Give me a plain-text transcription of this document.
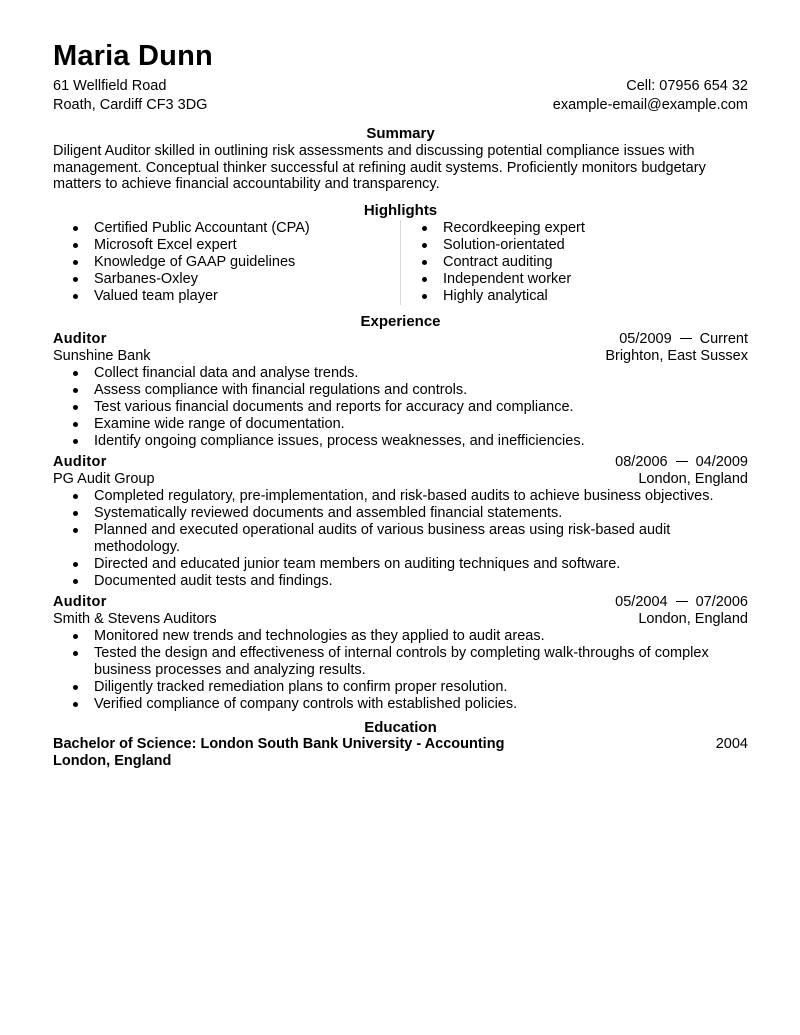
Maria Dunn
61 Wellfield Road	Cell: 07956 654 32
Roath, Cardiff CF3 3DG	example-email@example.com
Summary

Diligent Auditor skilled in outlining risk assessments and discussing potential compliance issues with management. Conceptual thinker successful at refining audit systems. Proficiently monitors budgetary matters to achieve financial accountability and transparency.

Highlights
Certified Public Accountant (CPA)
Microsoft Excel expert
Knowledge of GAAP guidelines
Sarbanes-Oxley
Valued team player
Recordkeeping expert
Solution-orientated
Contract auditing
Independent worker
Highly analytical
Experience
Auditor	05/2009 Current
Sunshine Bank	Brighton, East Sussex
Collect financial data and analyse trends.
Assess compliance with financial regulations and controls.
Test various financial documents and reports for accuracy and compliance.
Examine wide range of documentation.
Identify ongoing compliance issues, process weaknesses, and inefficiencies.
Auditor	08/2006 04/2009
PG Audit Group	London, England
Completed regulatory, pre-implementation, and risk-based audits to achieve business objectives.
Systematically reviewed documents and assembled financial statements.
Planned and executed operational audits of various business areas using risk-based audit methodology.
Directed and educated junior team members on auditing techniques and software.
Documented audit tests and findings.
Auditor	05/2004 07/2006
Smith & Stevens Auditors	London, England
Monitored new trends and technologies as they applied to audit areas.
Tested the design and effectiveness of internal controls by completing walk-throughs of complex business processes and analyzing results.
Diligently tracked remediation plans to confirm proper resolution.
Verified compliance of company controls with established policies.
Education
Bachelor of Science: London South Bank University - Accounting	2004
London, England
